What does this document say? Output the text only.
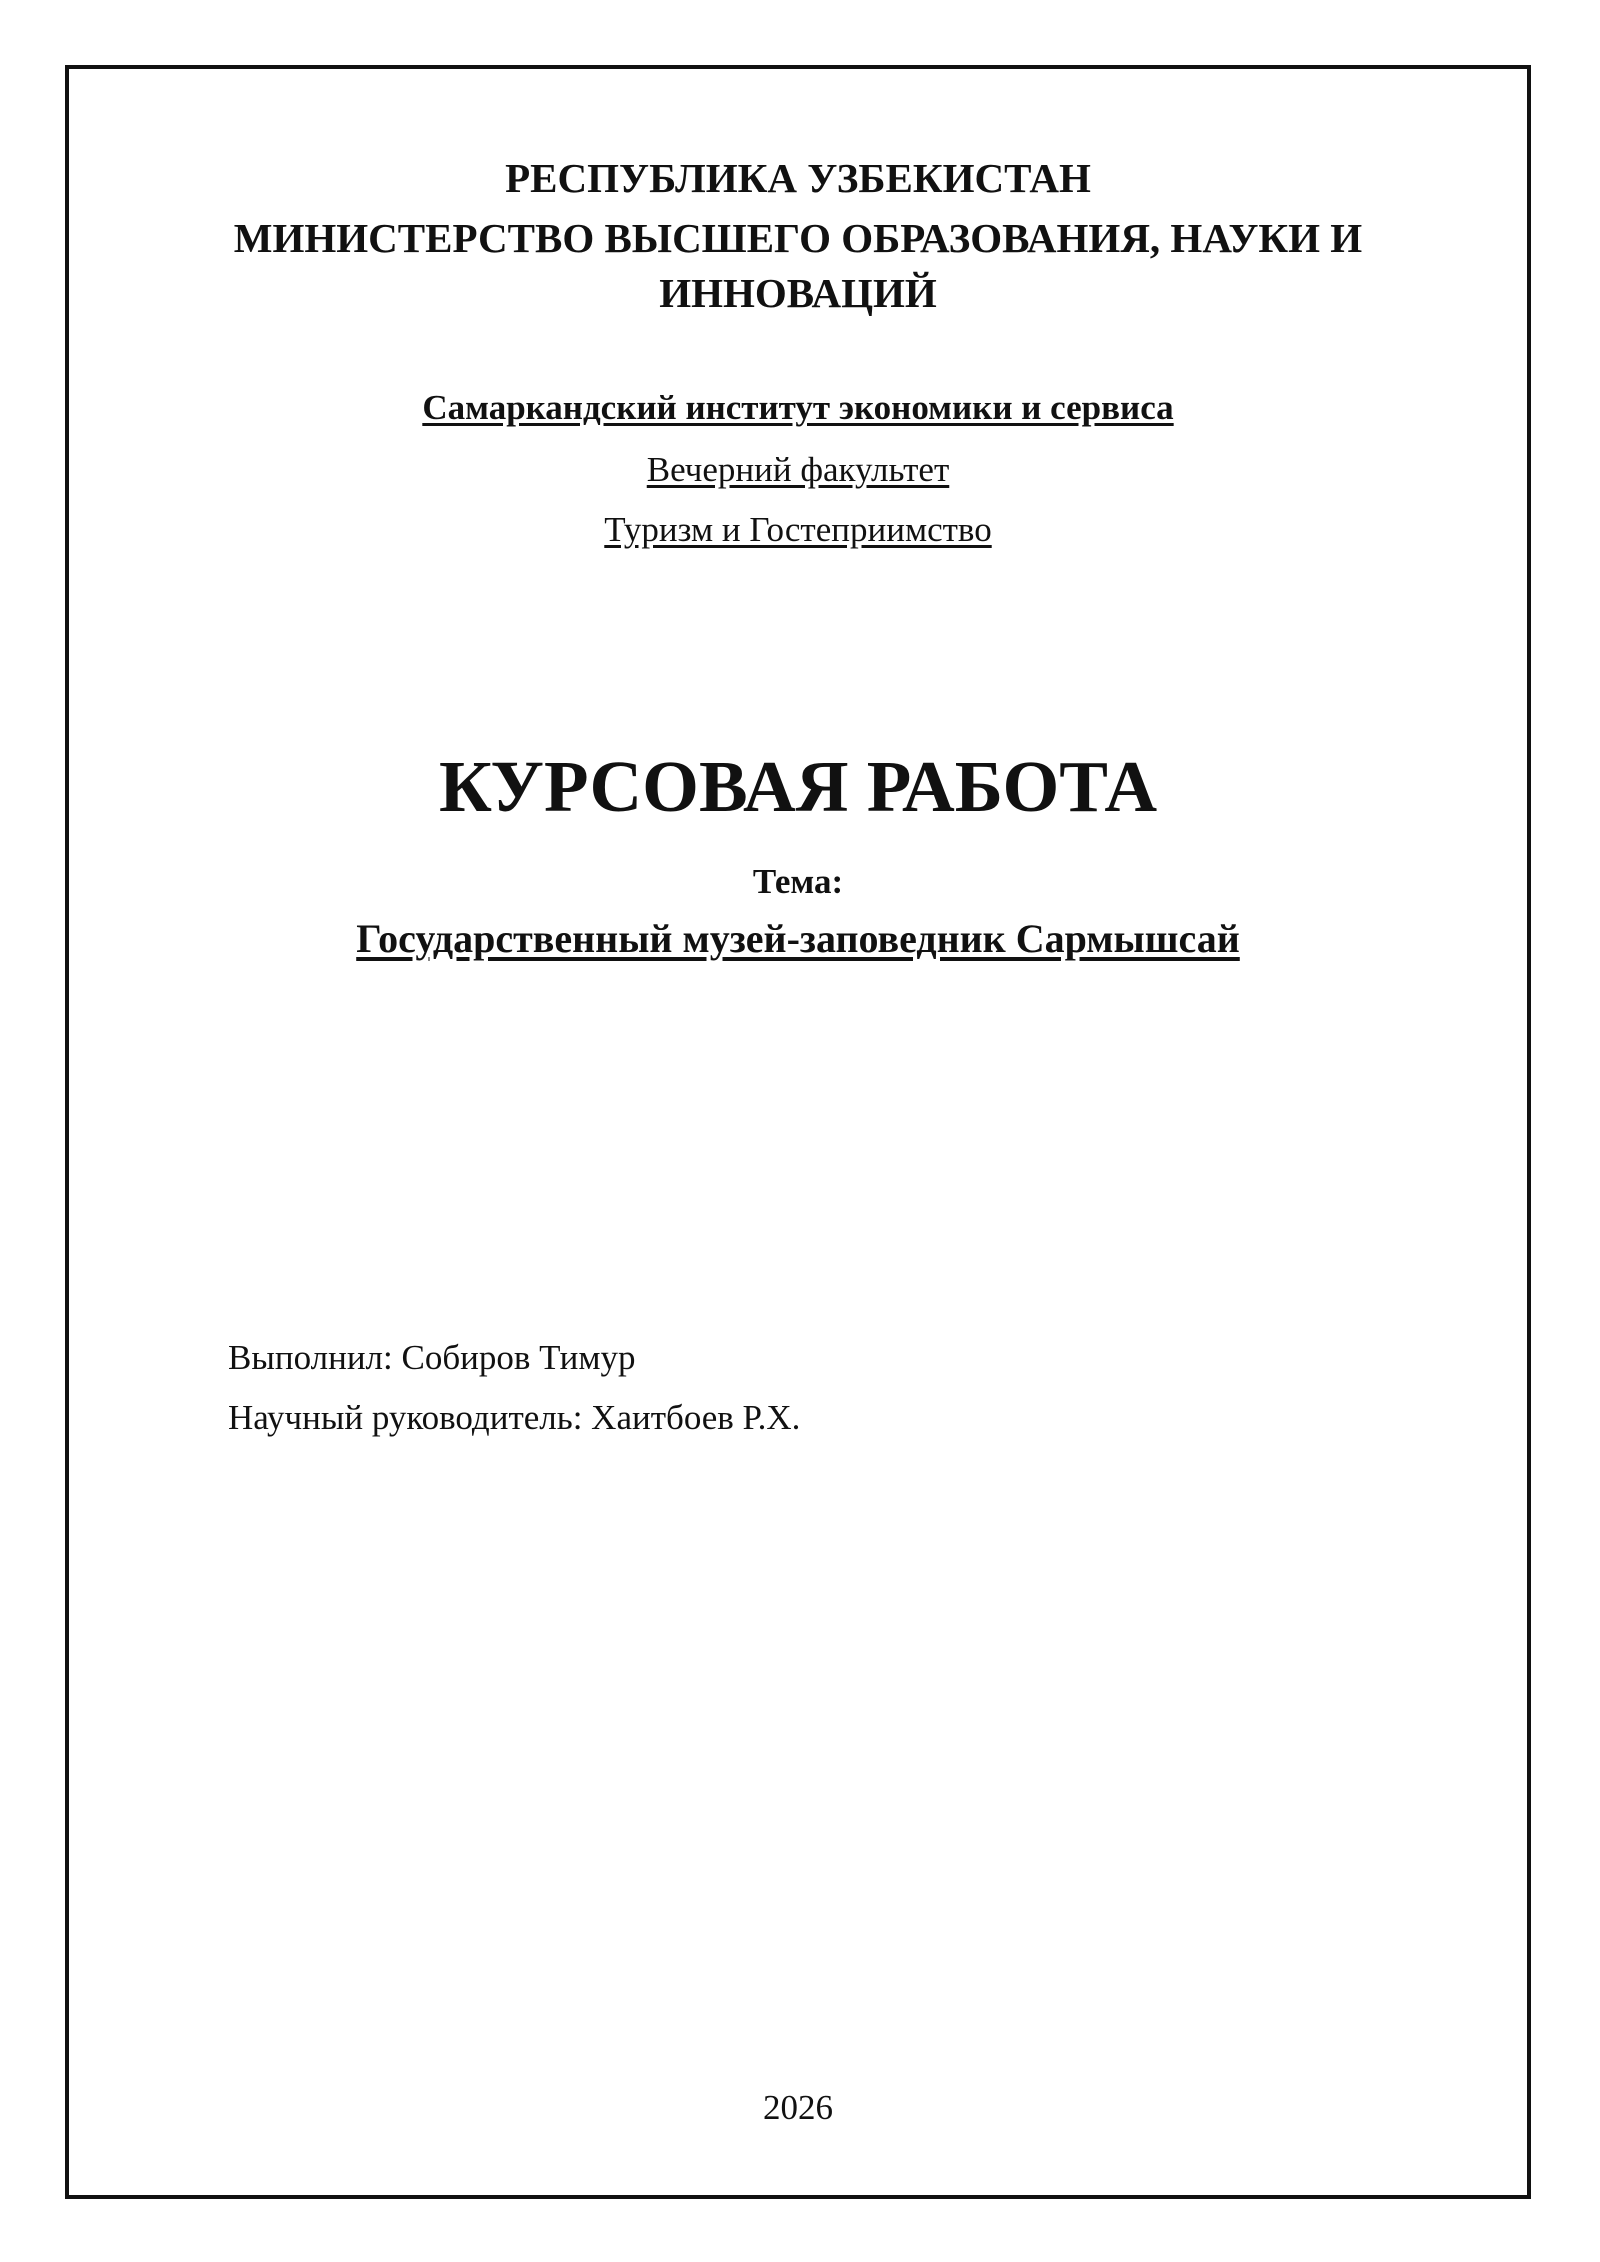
РЕСПУБЛИКА УЗБЕКИСТАН
МИНИСТЕРСТВО ВЫСШЕГО ОБРАЗОВАНИЯ, НАУКИ И
ИННОВАЦИЙ
Самаркандский институт экономики и сервиса
Вечерний факультет
Туризм и Гостеприимство
КУРСОВАЯ РАБОТА
Тема:
Государственный музей-заповедник Сармышсай
Выполнил: Собиров Тимур
Научный руководитель: Хаитбоев Р.Х.
2026
